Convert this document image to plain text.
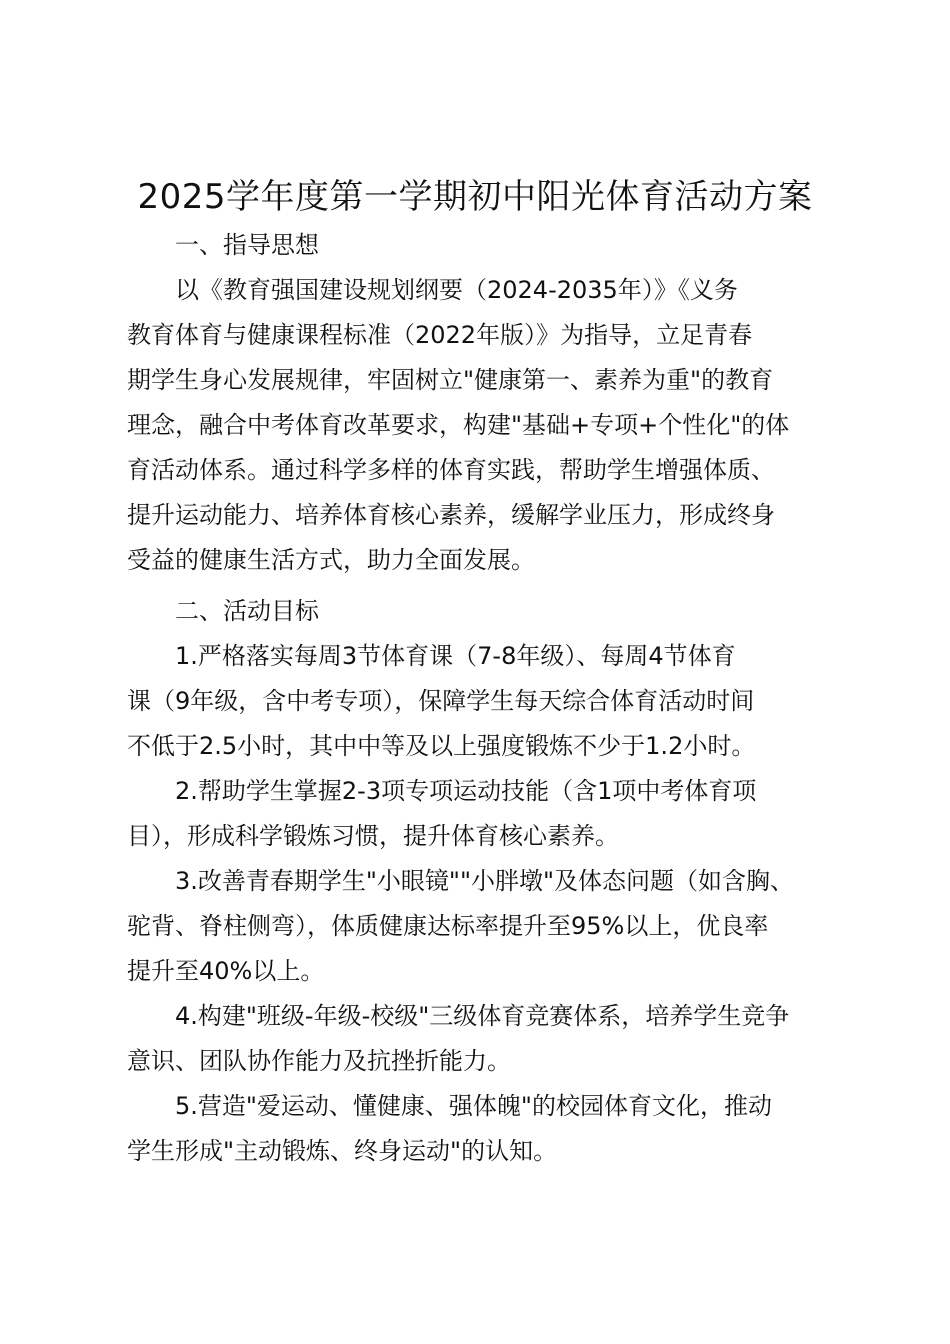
2025学年度第一学期初中阳光体育活动方案
一、指导思想

以《教育强国建设规划纲要（2024-2035年）》《义务
教育体育与健康课程标准（2022年版）》为指导，立足青春
期学生身心发展规律，牢固树立"健康第一、素养为重"的教育
理念，融合中考体育改革要求，构建"基础+专项+个性化"的体
育活动体系。通过科学多样的体育实践，帮助学生增强体质、
提升运动能力、培养体育核心素养，缓解学业压力，形成终身
受益的健康生活方式，助力全面发展。

二、活动目标

1.严格落实每周3节体育课（7-8年级）、每周4节体育
课（9年级，含中考专项），保障学生每天综合体育活动时间
不低于2.5小时，其中中等及以上强度锻炼不少于1.2小时。

2.帮助学生掌握2-3项专项运动技能（含1项中考体育项
目），形成科学锻炼习惯，提升体育核心素养。

3.改善青春期学生"小眼镜""小胖墩"及体态问题（如含胸、
驼背、脊柱侧弯），体质健康达标率提升至95%以上，优良率
提升至40%以上。

4.构建"班级-年级-校级"三级体育竞赛体系，培养学生竞争
意识、团队协作能力及抗挫折能力。

5.营造"爱运动、懂健康、强体魄"的校园体育文化，推动
学生形成"主动锻炼、终身运动"的认知。
